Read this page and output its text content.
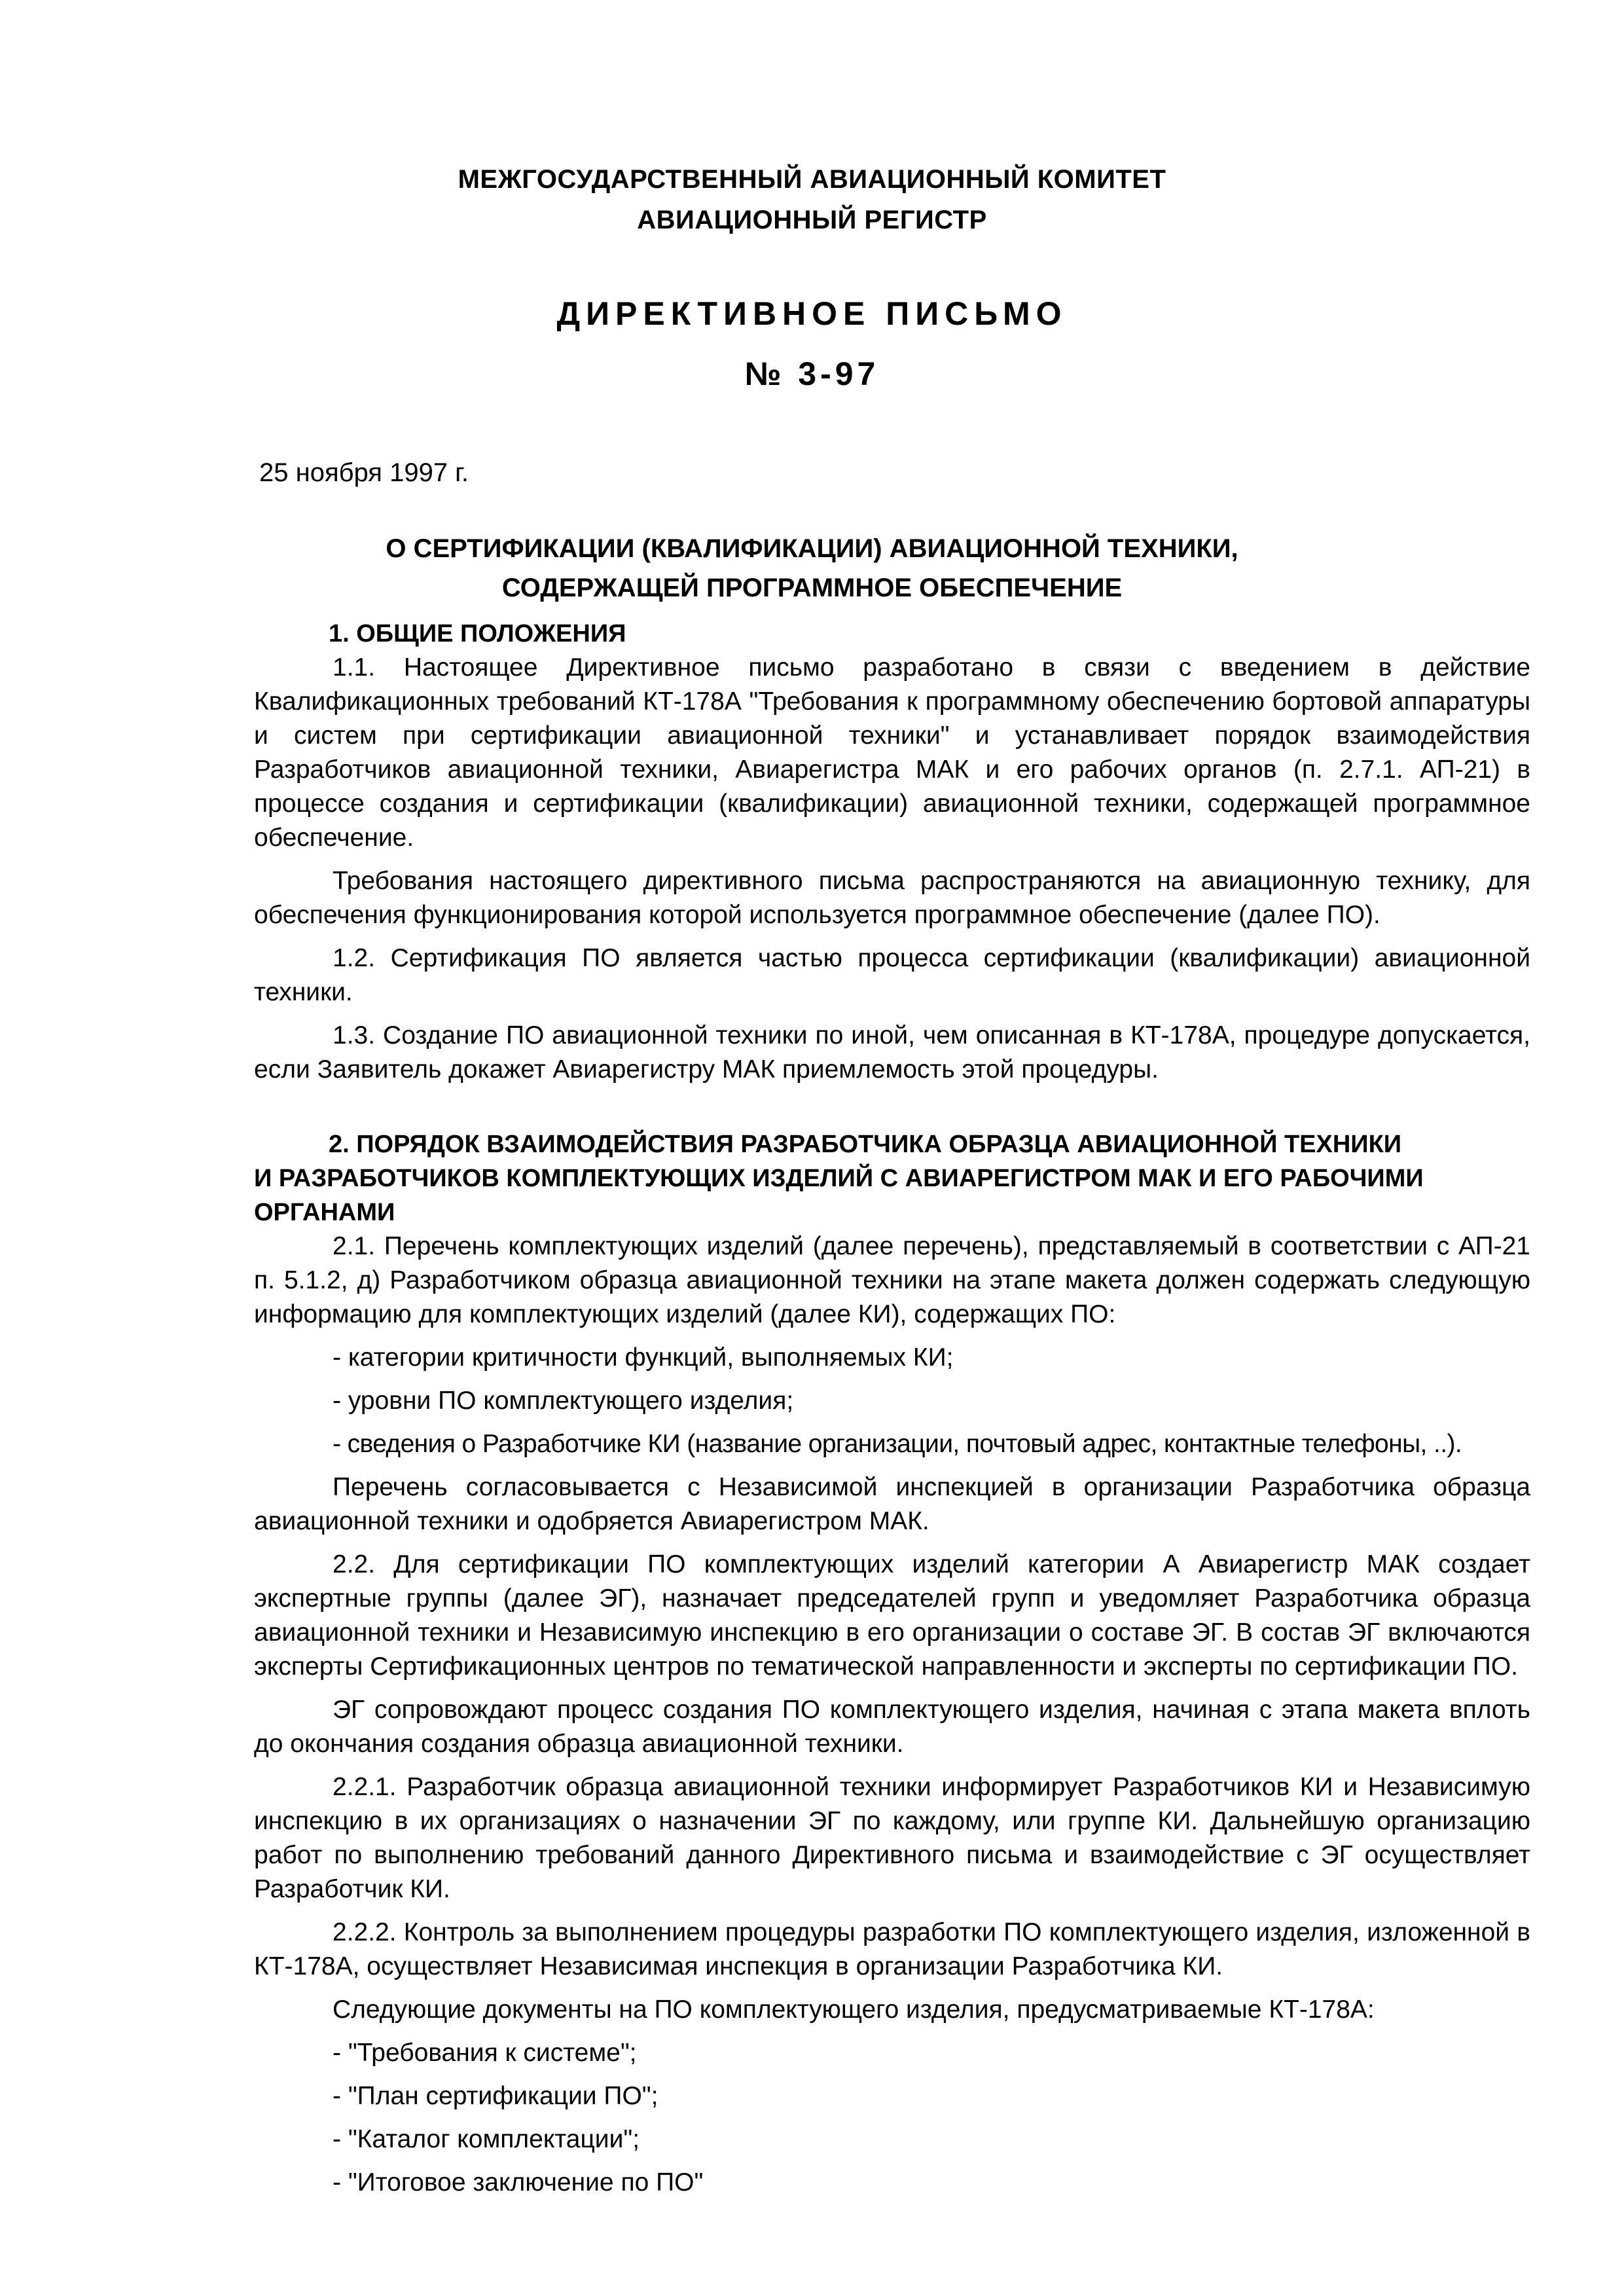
МЕЖГОСУДАРСТВЕННЫЙ АВИАЦИОННЫЙ КОМИТЕТ
АВИАЦИОННЫЙ РЕГИСТР
ДИРЕКТИВНОЕ ПИСЬМО
№ 3-97
25 ноября 1997 г.
О СЕРТИФИКАЦИИ (КВАЛИФИКАЦИИ) АВИАЦИОННОЙ ТЕХНИКИ,
СОДЕРЖАЩЕЙ ПРОГРАММНОЕ ОБЕСПЕЧЕНИЕ
1. ОБЩИЕ ПОЛОЖЕНИЯ

1.1. Настоящее Директивное письмо разработано в связи с введением в действие Квалификационных требований КТ-178А "Требования к программному обеспечению бортовой аппаратуры и систем при сертификации авиационной техники" и устанавливает порядок взаимодействия Разработчиков авиационной техники, Авиарегистра МАК и его рабочих органов (п. 2.7.1. АП-21) в процессе создания и сертификации (квалификации) авиационной техники, содержащей программное обеспечение.

Требования настоящего директивного письма распространяются на авиационную технику, для обеспечения функционирования которой используется программное обеспечение (далее ПО).

1.2. Сертификация ПО является частью процесса сертификации (квалификации) авиационной техники.

1.3. Создание ПО авиационной техники по иной, чем описанная в КТ-178А, процедуре допускается, если Заявитель докажет Авиарегистру МАК приемлемость этой процедуры.

2. ПОРЯДОК ВЗАИМОДЕЙСТВИЯ РАЗРАБОТЧИКА ОБРАЗЦА АВИАЦИОННОЙ ТЕХНИКИ
И РАЗРАБОТЧИКОВ КОМПЛЕКТУЮЩИХ ИЗДЕЛИЙ С АВИАРЕГИСТРОМ МАК И ЕГО РАБОЧИМИ ОРГАНАМИ

2.1. Перечень комплектующих изделий (далее перечень), представляемый в соответствии с АП-21 п. 5.1.2, д) Разработчиком образца авиационной техники на этапе макета должен содержать следующую информацию для комплектующих изделий (далее КИ), содержащих ПО:

- категории критичности функций, выполняемых КИ;
- уровни ПО комплектующего изделия;
- сведения о Разработчике КИ (название организации, почтовый адрес, контактные телефоны, ..).

Перечень согласовывается с Независимой инспекцией в организации Разработчика образца авиационной техники и одобряется Авиарегистром МАК.

2.2. Для сертификации ПО комплектующих изделий категории А Авиарегистр МАК создает экспертные группы (далее ЭГ), назначает председателей групп и уведомляет Разработчика образца авиационной техники и Независимую инспекцию в его организации о составе ЭГ. В состав ЭГ включаются эксперты Сертификационных центров по тематической направленности и эксперты по сертификации ПО.

ЭГ сопровождают процесс создания ПО комплектующего изделия, начиная с этапа макета вплоть до окончания создания образца авиационной техники.

2.2.1. Разработчик образца авиационной техники информирует Разработчиков КИ и Независимую инспекцию в их организациях о назначении ЭГ по каждому, или группе КИ. Дальнейшую организацию работ по выполнению требований данного Директивного письма и взаимодействие с ЭГ осуществляет Разработчик КИ.

2.2.2. Контроль за выполнением процедуры разработки ПО комплектующего изделия, изложенной в КТ-178А, осуществляет Независимая инспекция в организации Разработчика КИ.

Следующие документы на ПО комплектующего изделия, предусматриваемые КТ-178А:

- "Требования к системе";
- "План сертификации ПО";
- "Каталог комплектации";
- "Итоговое заключение по ПО"
